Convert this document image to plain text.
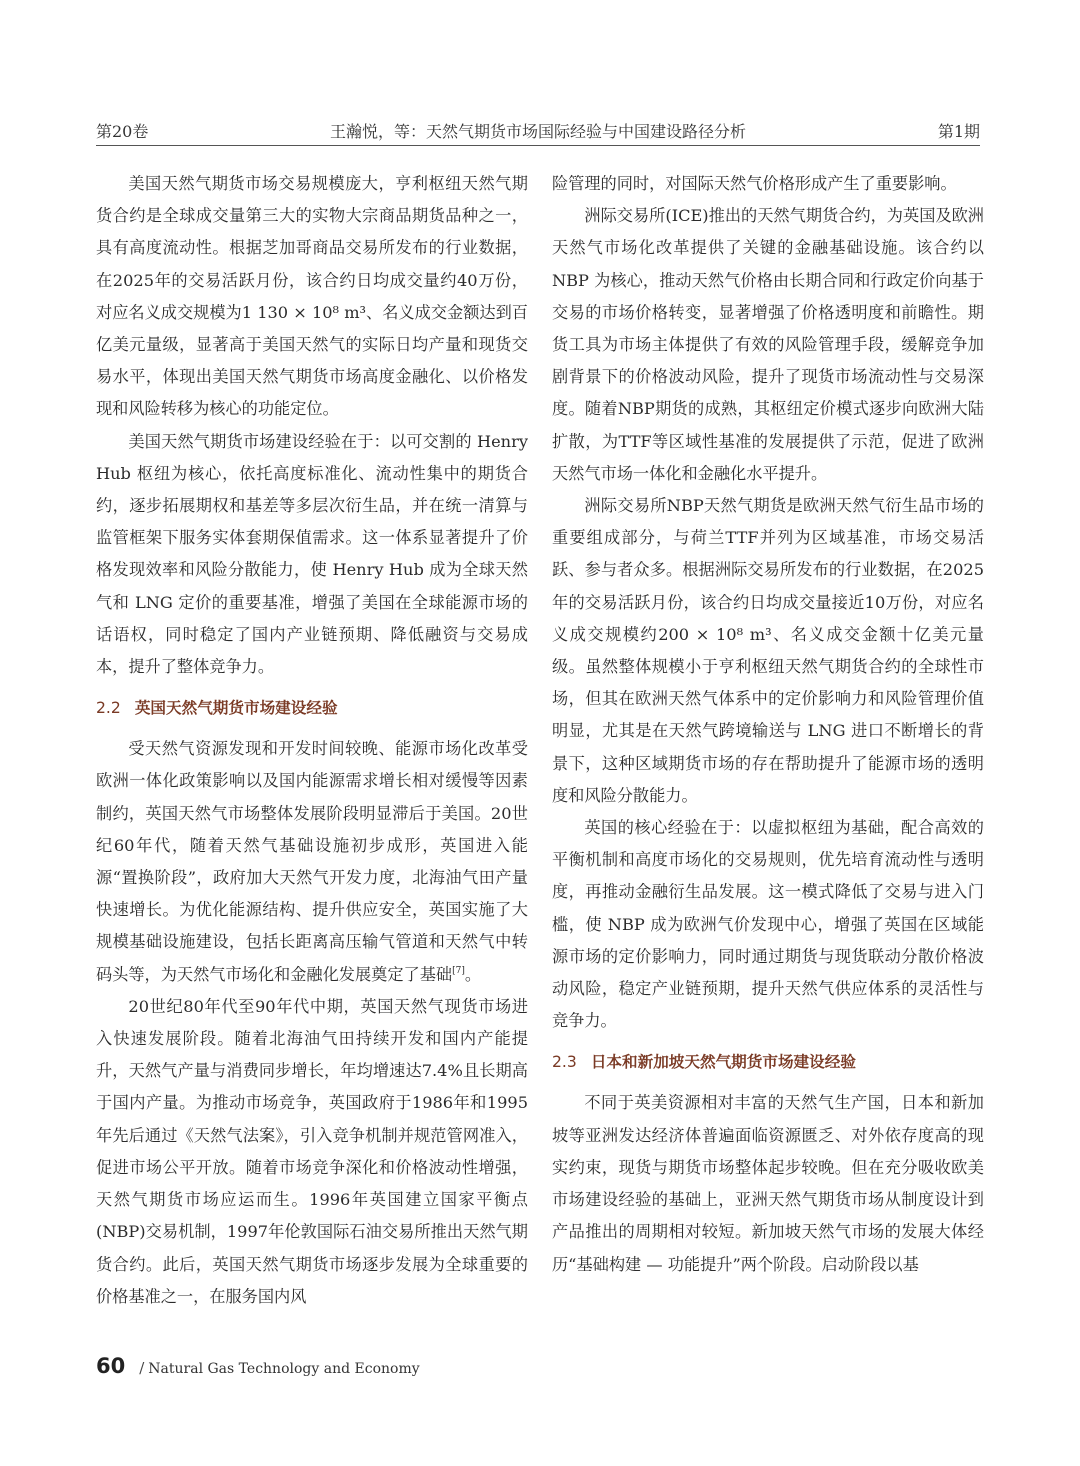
第20卷	王瀚悦，等：天然气期货市场国际经验与中国建设路径分析	第1期

美国天然气期货市场交易规模庞大，亨利枢纽天然气期货合约是全球成交量第三大的实物大宗商品期货品种之一，具有高度流动性。根据芝加哥商品交易所发布的行业数据，在2025年的交易活跃月份，该合约日均成交量约40万份，对应名义成交规模为1 130 × 10⁸ m³、名义成交金额达到百亿美元量级，显著高于美国天然气的实际日均产量和现货交易水平，体现出美国天然气期货市场高度金融化、以价格发现和风险转移为核心的功能定位。

美国天然气期货市场建设经验在于：以可交割的 Henry Hub 枢纽为核心，依托高度标准化、流动性集中的期货合约，逐步拓展期权和基差等多层次衍生品，并在统一清算与监管框架下服务实体套期保值需求。这一体系显著提升了价格发现效率和风险分散能力，使 Henry Hub 成为全球天然气和 LNG 定价的重要基准，增强了美国在全球能源市场的话语权，同时稳定了国内产业链预期、降低融资与交易成本，提升了整体竞争力。

2.2 英国天然气期货市场建设经验

受天然气资源发现和开发时间较晚、能源市场化改革受欧洲一体化政策影响以及国内能源需求增长相对缓慢等因素制约，英国天然气市场整体发展阶段明显滞后于美国。20世纪60年代，随着天然气基础设施初步成形，英国进入能源“置换阶段”，政府加大天然气开发力度，北海油气田产量快速增长。为优化能源结构、提升供应安全，英国实施了大规模基础设施建设，包括长距离高压输气管道和天然气中转码头等，为天然气市场化和金融化发展奠定了基础[7]。

20世纪80年代至90年代中期，英国天然气现货市场进入快速发展阶段。随着北海油气田持续开发和国内产能提升，天然气产量与消费同步增长，年均增速达7.4%且长期高于国内产量。为推动市场竞争，英国政府于1986年和1995年先后通过《天然气法案》，引入竞争机制并规范管网准入，促进市场公平开放。随着市场竞争深化和价格波动性增强，天然气期货市场应运而生。1996年英国建立国家平衡点(NBP)交易机制，1997年伦敦国际石油交易所推出天然气期货合约。此后，英国天然气期货市场逐步发展为全球重要的价格基准之一，在服务国内风

险管理的同时，对国际天然气价格形成产生了重要影响。

洲际交易所(ICE)推出的天然气期货合约，为英国及欧洲天然气市场化改革提供了关键的金融基础设施。该合约以 NBP 为核心，推动天然气价格由长期合同和行政定价向基于交易的市场价格转变，显著增强了价格透明度和前瞻性。期货工具为市场主体提供了有效的风险管理手段，缓解竞争加剧背景下的价格波动风险，提升了现货市场流动性与交易深度。随着NBP期货的成熟，其枢纽定价模式逐步向欧洲大陆扩散，为TTF等区域性基准的发展提供了示范，促进了欧洲天然气市场一体化和金融化水平提升。

洲际交易所NBP天然气期货是欧洲天然气衍生品市场的重要组成部分，与荷兰TTF并列为区域基准，市场交易活跃、参与者众多。根据洲际交易所发布的行业数据，在2025年的交易活跃月份，该合约日均成交量接近10万份，对应名义成交规模约200 × 10⁸ m³、名义成交金额十亿美元量级。虽然整体规模小于亨利枢纽天然气期货合约的全球性市场，但其在欧洲天然气体系中的定价影响力和风险管理价值明显，尤其是在天然气跨境输送与 LNG 进口不断增长的背景下，这种区域期货市场的存在帮助提升了能源市场的透明度和风险分散能力。

英国的核心经验在于：以虚拟枢纽为基础，配合高效的平衡机制和高度市场化的交易规则，优先培育流动性与透明度，再推动金融衍生品发展。这一模式降低了交易与进入门槛，使 NBP 成为欧洲气价发现中心，增强了英国在区域能源市场的定价影响力，同时通过期货与现货联动分散价格波动风险，稳定产业链预期，提升天然气供应体系的灵活性与竞争力。

2.3 日本和新加坡天然气期货市场建设经验

不同于英美资源相对丰富的天然气生产国，日本和新加坡等亚洲发达经济体普遍面临资源匮乏、对外依存度高的现实约束，现货与期货市场整体起步较晚。但在充分吸收欧美市场建设经验的基础上，亚洲天然气期货市场从制度设计到产品推出的周期相对较短。新加坡天然气市场的发展大体经历“基础构建 — 功能提升”两个阶段。启动阶段以基

60 / Natural Gas Technology and Economy
